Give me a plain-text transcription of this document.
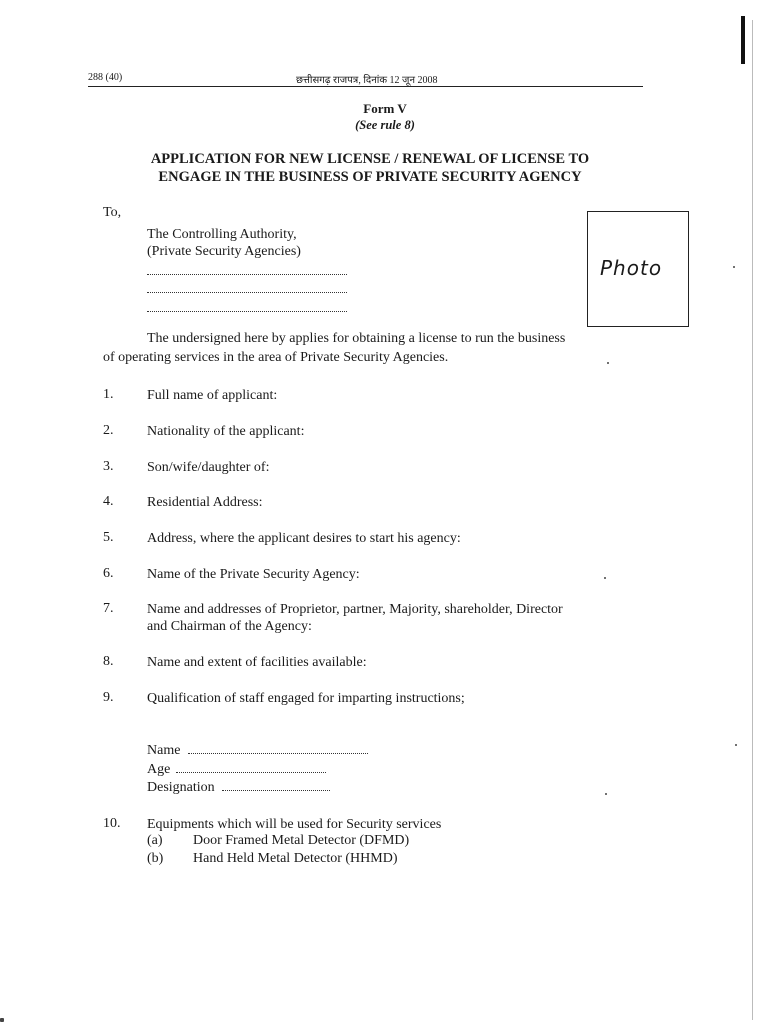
288 (40)	छत्तीसगढ़ राजपत्र, दिनांक 12 जून 2008
Form V
(See rule 8)
APPLICATION FOR NEW LICENSE / RENEWAL OF LICENSE TO
ENGAGE IN THE BUSINESS OF PRIVATE SECURITY AGENCY
To,
The Controlling Authority,
(Private Security Agencies)
Photo
The undersigned here by applies for obtaining a license to run the business
of operating services in the area of Private Security Agencies.
1. Full name of applicant:
2. Nationality of the applicant:
3. Son/wife/daughter of:
4. Residential Address:
5. Address, where the applicant desires to start his agency:
6. Name of the Private Security Agency:
7. Name and addresses of Proprietor, partner, Majority, shareholder, Director
and Chairman of the Agency:
8. Name and extent of facilities available:
9. Qualification of staff engaged for imparting instructions;
Name
Age
Designation
10. Equipments which will be used for Security services
(a) Door Framed Metal Detector (DFMD)
(b) Hand Held Metal Detector (HHMD)
